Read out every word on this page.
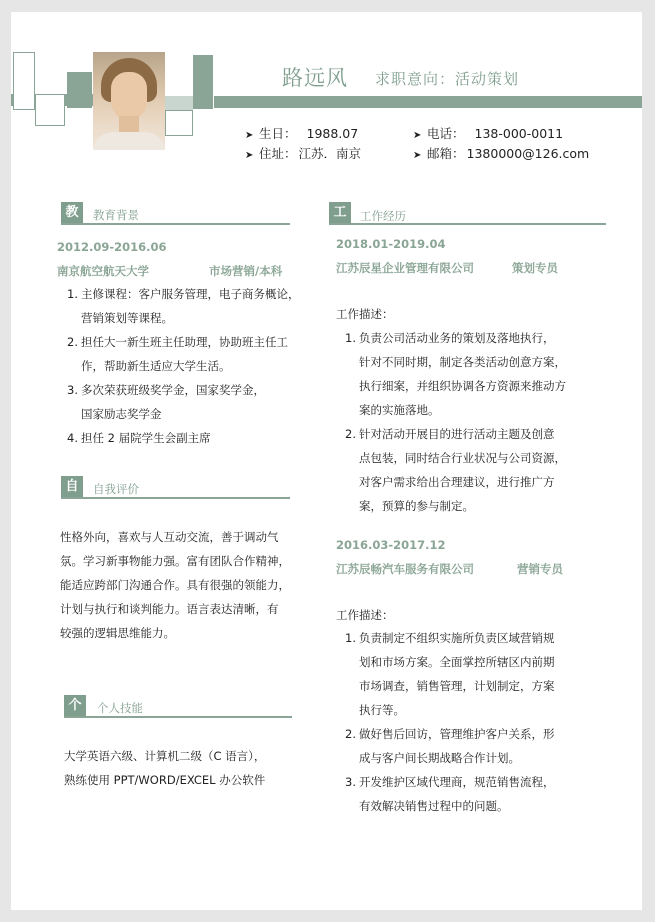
路远风 求职意向：活动策划
➤ 生日： 1988.07	➤ 电话： 138-000-0011
➤ 住址： 江苏．南京	➤ 邮箱： 1380000@126.com
教	教育背景
2012.09-2016.06
南京航空航天大学	市场营销/本科
1. 主修课程：客户服务管理，电子商务概论，
营销策划等课程。
2. 担任大一新生班主任助理，协助班主任工
作，帮助新生适应大学生活。
3. 多次荣获班级奖学金，国家奖学金，
国家励志奖学金
4. 担任 2 届院学生会副主席
自	自我评价
性格外向，喜欢与人互动交流，善于调动气
氛。学习新事物能力强。富有团队合作精神，
能适应跨部门沟通合作。具有很强的领能力，
计划与执行和谈判能力。语言表达清晰，有
较强的逻辑思维能力。
个	个人技能
大学英语六级、计算机二级（C 语言），
熟练使用 PPT/WORD/EXCEL 办公软件
工	工作经历
2018.01-2019.04
江苏辰星企业管理有限公司	策划专员
工作描述：
1. 负责公司活动业务的策划及落地执行，
针对不同时期，制定各类活动创意方案，
执行细案，并组织协调各方资源来推动方
案的实施落地。
2. 针对活动开展目的进行活动主题及创意
点包装，同时结合行业状况与公司资源，
对客户需求给出合理建议，进行推广方
案，预算的参与制定。
2016.03-2017.12
江苏辰畅汽车服务有限公司	营销专员
工作描述：
1. 负责制定不组织实施所负责区域营销规
划和市场方案。全面掌控所辖区内前期
市场调查，销售管理，计划制定，方案
执行等。
2. 做好售后回访，管理维护客户关系，形
成与客户间长期战略合作计划。
3. 开发维护区域代理商，规范销售流程，
有效解决销售过程中的问题。
